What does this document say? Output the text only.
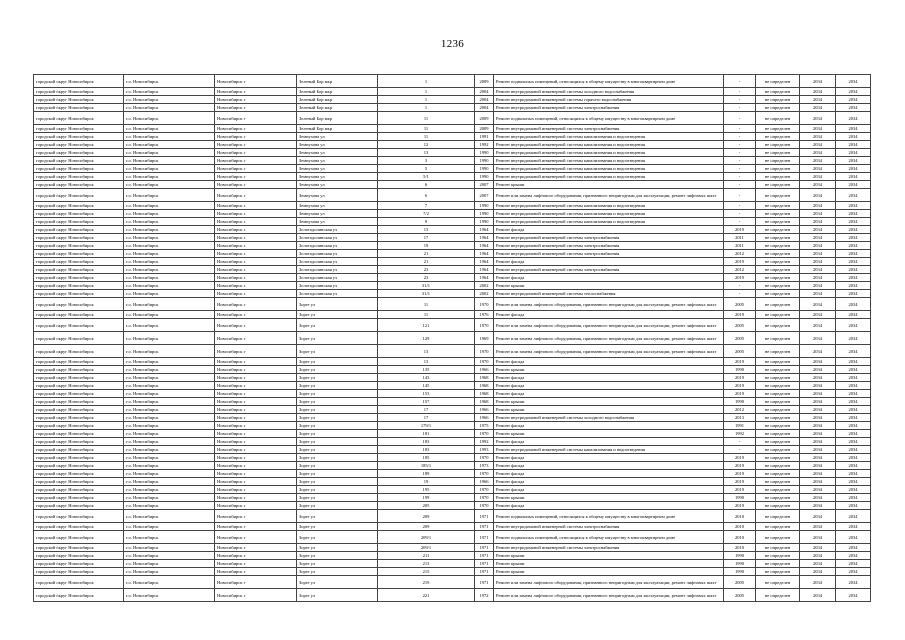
1236
городской округ Новосибирск	г.о. Новосибирск	Новосибирск г	Зеленый Бор мкр	1	2009	Ремонт подвальных помещений, относящихся к общему имуществу в многоквартирном доме	-	не определен	2034	2034
городской округ Новосибирск	г.о. Новосибирск	Новосибирск г	Зеленый Бор мкр	1	2004	Ремонт внутридомовой инженерной системы холодного водоснабжения	-	не определен	2034	2034
городской округ Новосибирск	г.о. Новосибирск	Новосибирск г	Зеленый Бор мкр	1	2004	Ремонт внутридомовой инженерной системы горячего водоснабжения	-	не определен	2034	2034
городской округ Новосибирск	г.о. Новосибирск	Новосибирск г	Зеленый Бор мкр	1	2004	Ремонт внутридомовой инженерной системы электроснабжения	-	не определен	2034	2034
городской округ Новосибирск	г.о. Новосибирск	Новосибирск г	Зеленый Бор мкр	11	2009	Ремонт подвальных помещений, относящихся к общему имуществу в многоквартирном доме	-	не определен	2034	2034
городской округ Новосибирск	г.о. Новосибирск	Новосибирск г	Зеленый Бор мкр	11	2009	Ремонт внутридомовой инженерной системы электроснабжения	-	не определен	2034	2034
городской округ Новосибирск	г.о. Новосибирск	Новосибирск г	Земнухова ул	11	1991	Ремонт внутридомовой инженерной системы канализования и водоотведения	-	не определен	2034	2034
городской округ Новосибирск	г.о. Новосибирск	Новосибирск г	Земнухова ул	12	1992	Ремонт внутридомовой инженерной системы канализования и водоотведения	-	не определен	2034	2034
городской округ Новосибирск	г.о. Новосибирск	Новосибирск г	Земнухова ул	13	1990	Ремонт внутридомовой инженерной системы канализования и водоотведения	-	не определен	2034	2034
городской округ Новосибирск	г.о. Новосибирск	Новосибирск г	Земнухова ул	3	1990	Ремонт внутридомовой инженерной системы канализования и водоотведения	-	не определен	2034	2034
городской округ Новосибирск	г.о. Новосибирск	Новосибирск г	Земнухова ул	5	1990	Ремонт внутридомовой инженерной системы канализования и водоотведения	-	не определен	2034	2034
городской округ Новосибирск	г.о. Новосибирск	Новосибирск г	Земнухова ул	5/1	1990	Ремонт внутридомовой инженерной системы канализования и водоотведения	-	не определен	2034	2034
городской округ Новосибирск	г.о. Новосибирск	Новосибирск г	Земнухова ул	6	2007	Ремонт крыши	-	не определен	2034	2034
городской округ Новосибирск	г.о. Новосибирск	Новосибирск г	Земнухова ул	6	2007	Ремонт или замена лифтового оборудования, признанного непригодным для эксплуатации, ремонт лифтовых шахт	-	не определен	2034	2034
городской округ Новосибирск	г.о. Новосибирск	Новосибирск г	Земнухова ул	7	1990	Ремонт внутридомовой инженерной системы канализования и водоотведения	-	не определен	2034	2034
городской округ Новосибирск	г.о. Новосибирск	Новосибирск г	Земнухова ул	7/2	1990	Ремонт внутридомовой инженерной системы канализования и водоотведения	-	не определен	2034	2034
городской округ Новосибирск	г.о. Новосибирск	Новосибирск г	Земнухова ул	9	1990	Ремонт внутридомовой инженерной системы канализования и водоотведения	-	не определен	2034	2034
городской округ Новосибирск	г.о. Новосибирск	Новосибирск г	Золотодолинская ул	13	1964	Ремонт фасада	2019	не определен	2034	2034
городской округ Новосибирск	г.о. Новосибирск	Новосибирск г	Золотодолинская ул	17	1964	Ремонт внутридомовой инженерной системы электроснабжения	2011	не определен	2034	2034
городской округ Новосибирск	г.о. Новосибирск	Новосибирск г	Золотодолинская ул	19	1964	Ремонт внутридомовой инженерной системы электроснабжения	2011	не определен	2034	2034
городской округ Новосибирск	г.о. Новосибирск	Новосибирск г	Золотодолинская ул	21	1964	Ремонт внутридомовой инженерной системы электроснабжения	2012	не определен	2034	2034
городской округ Новосибирск	г.о. Новосибирск	Новосибирск г	Золотодолинская ул	21	1964	Ремонт фасада	2019	не определен	2034	2034
городской округ Новосибирск	г.о. Новосибирск	Новосибирск г	Золотодолинская ул	23	1964	Ремонт внутридомовой инженерной системы электроснабжения	2012	не определен	2034	2034
городской округ Новосибирск	г.о. Новосибирск	Новосибирск г	Золотодолинская ул	23	1964	Ремонт фасада	2019	не определен	2034	2034
городской округ Новосибирск	г.о. Новосибирск	Новосибирск г	Золотодолинская ул	31/1	2002	Ремонт крыши	-	не определен	2034	2034
городской округ Новосибирск	г.о. Новосибирск	Новосибирск г	Золотодолинская ул	31/1	2002	Ремонт внутридомовой инженерной системы теплоснабжения	-	не определен	2034	2034
городской округ Новосибирск	г.о. Новосибирск	Новосибирск г	Зорге ул	11	1970	Ремонт или замена лифтового оборудования, признанного непригодным для эксплуатации, ремонт лифтовых шахт	2005	не определен	2034	2034
городской округ Новосибирск	г.о. Новосибирск	Новосибирск г	Зорге ул	11	1976	Ремонт фасада	2019	не определен	2034	2034
городской округ Новосибирск	г.о. Новосибирск	Новосибирск г	Зорге ул	121	1970	Ремонт или замена лифтового оборудования, признанного непригодным для эксплуатации, ремонт лифтовых шахт	2005	не определен	2034	2034
городской округ Новосибирск	г.о. Новосибирск	Новосибирск г	Зорге ул	129	1969	Ремонт или замена лифтового оборудования, признанного непригодным для эксплуатации, ремонт лифтовых шахт	2005	не определен	2034	2034
городской округ Новосибирск	г.о. Новосибирск	Новосибирск г	Зорге ул	13	1970	Ремонт или замена лифтового оборудования, признанного непригодным для эксплуатации, ремонт лифтовых шахт	2005	не определен	2034	2034
городской округ Новосибирск	г.о. Новосибирск	Новосибирск г	Зорге ул	13	1970	Ремонт фасада	2019	не определен	2034	2034
городской округ Новосибирск	г.о. Новосибирск	Новосибирск г	Зорге ул	135	1966	Ремонт крыши	1990	не определен	2034	2034
городской округ Новосибирск	г.о. Новосибирск	Новосибирск г	Зорге ул	143	1968	Ремонт фасада	2019	не определен	2034	2034
городской округ Новосибирск	г.о. Новосибирск	Новосибирск г	Зорге ул	145	1968	Ремонт фасада	2019	не определен	2034	2034
городской округ Новосибирск	г.о. Новосибирск	Новосибирск г	Зорге ул	153	1968	Ремонт фасада	2019	не определен	2034	2034
городской округ Новосибирск	г.о. Новосибирск	Новосибирск г	Зорге ул	157	1968	Ремонт крыши	1990	не определен	2034	2034
городской округ Новосибирск	г.о. Новосибирск	Новосибирск г	Зорге ул	17	1966	Ремонт крыши	2012	не определен	2034	2034
городской округ Новосибирск	г.о. Новосибирск	Новосибирск г	Зорге ул	17	1966	Ремонт внутридомовой инженерной системы холодного водоснабжения	2013	не определен	2034	2034
городской округ Новосибирск	г.о. Новосибирск	Новосибирск г	Зорге ул	179/1	1975	Ремонт фасада	1991	не определен	2034	2034
городской округ Новосибирск	г.о. Новосибирск	Новосибирск г	Зорге ул	181	1970	Ремонт крыши	1992	не определен	2034	2034
городской округ Новосибирск	г.о. Новосибирск	Новосибирск г	Зорге ул	183	1992	Ремонт фасада	-	не определен	2034	2034
городской округ Новосибирск	г.о. Новосибирск	Новосибирск г	Зорге ул	183	1993	Ремонт внутридомовой инженерной системы канализования и водоотведения	-	не определен	2034	2034
городской округ Новосибирск	г.о. Новосибирск	Новосибирск г	Зорге ул	185	1970	Ремонт фасада	2019	не определен	2034	2034
городской округ Новосибирск	г.о. Новосибирск	Новосибирск г	Зорге ул	185/1	1973	Ремонт фасада	2019	не определен	2034	2034
городской округ Новосибирск	г.о. Новосибирск	Новосибирск г	Зорге ул	189	1970	Ремонт фасада	2019	не определен	2034	2034
городской округ Новосибирск	г.о. Новосибирск	Новосибирск г	Зорге ул	19	1966	Ремонт фасада	2019	не определен	2034	2034
городской округ Новосибирск	г.о. Новосибирск	Новосибирск г	Зорге ул	195	1970	Ремонт фасада	2019	не определен	2034	2034
городской округ Новосибирск	г.о. Новосибирск	Новосибирск г	Зорге ул	199	1970	Ремонт крыши	1990	не определен	2034	2034
городской округ Новосибирск	г.о. Новосибирск	Новосибирск г	Зорге ул	205	1970	Ремонт фасада	2019	не определен	2034	2034
городской округ Новосибирск	г.о. Новосибирск	Новосибирск г	Зорге ул	209	1971	Ремонт подвальных помещений, относящихся к общему имуществу в многоквартирном доме	2010	не определен	2034	2034
городской округ Новосибирск	г.о. Новосибирск	Новосибирск г	Зорге ул	209	1971	Ремонт внутридомовой инженерной системы электроснабжения	2010	не определен	2034	2034
городской округ Новосибирск	г.о. Новосибирск	Новосибирск г	Зорге ул	209/1	1971	Ремонт подвальных помещений, относящихся к общему имуществу в многоквартирном доме	2010	не определен	2034	2034
городской округ Новосибирск	г.о. Новосибирск	Новосибирск г	Зорге ул	209/1	1971	Ремонт внутридомовой инженерной системы электроснабжения	2010	не определен	2034	2034
городской округ Новосибирск	г.о. Новосибирск	Новосибирск г	Зорге ул	211	1971	Ремонт крыши	1990	не определен	2034	2034
городской округ Новосибирск	г.о. Новосибирск	Новосибирск г	Зорге ул	213	1971	Ремонт крыши	1990	не определен	2034	2034
городской округ Новосибирск	г.о. Новосибирск	Новосибирск г	Зорге ул	215	1971	Ремонт крыши	1990	не определен	2034	2034
городской округ Новосибирск	г.о. Новосибирск	Новосибирск г	Зорге ул	219	1971	Ремонт или замена лифтового оборудования, признанного непригодным для эксплуатации, ремонт лифтовых шахт	2005	не определен	2034	2034
городской округ Новосибирск	г.о. Новосибирск	Новосибирск г	Зорге ул	221	1972	Ремонт или замена лифтового оборудования, признанного непригодным для эксплуатации, ремонт лифтовых шахт	2005	не определен	2034	2034
